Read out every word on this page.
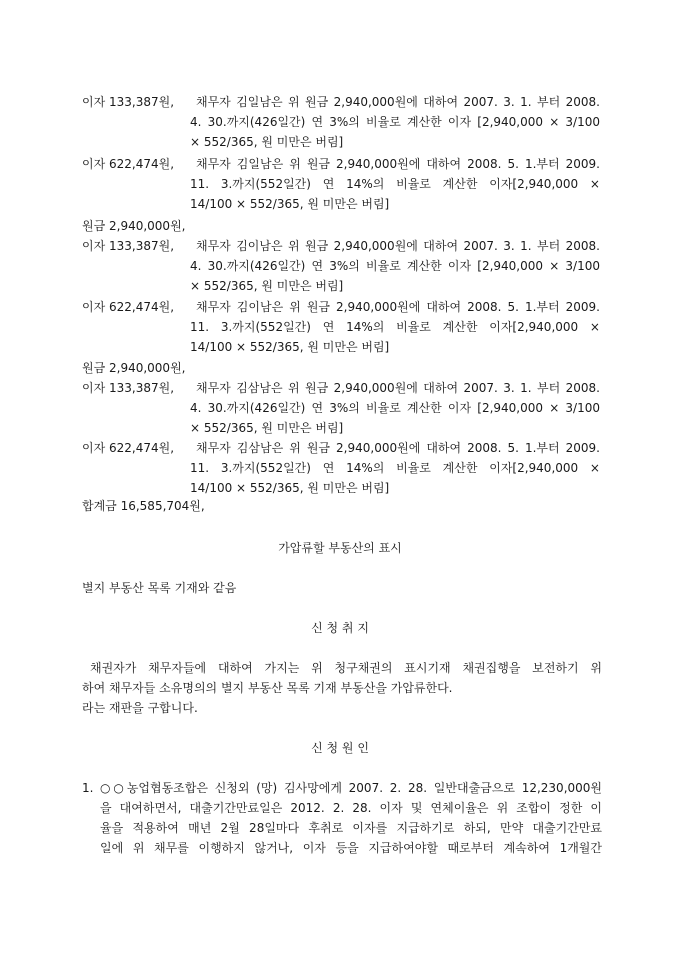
이자 133,387원, 채무자 김일남은 위 원금 2,940,000원에 대하여 2007. 3. 1. 부터 2008.
4. 30.까지(426일간) 연 3%의 비율로 계산한 이자 [2,940,000 × 3/100
× 552/365, 원 미만은 버림]
이자 622,474원, 채무자 김일남은 위 원금 2,940,000원에 대하여 2008. 5. 1.부터 2009.
11. 3.까지(552일간) 연 14%의 비율로 계산한 이자[2,940,000 ×
14/100 × 552/365, 원 미만은 버림]
원금 2,940,000원,
이자 133,387원, 채무자 김이남은 위 원금 2,940,000원에 대하여 2007. 3. 1. 부터 2008.
4. 30.까지(426일간) 연 3%의 비율로 계산한 이자 [2,940,000 × 3/100
× 552/365, 원 미만은 버림]
이자 622,474원, 채무자 김이남은 위 원금 2,940,000원에 대하여 2008. 5. 1.부터 2009.
11. 3.까지(552일간) 연 14%의 비율로 계산한 이자[2,940,000 ×
14/100 × 552/365, 원 미만은 버림]
원금 2,940,000원,
이자 133,387원, 채무자 김삼남은 위 원금 2,940,000원에 대하여 2007. 3. 1. 부터 2008.
4. 30.까지(426일간) 연 3%의 비율로 계산한 이자 [2,940,000 × 3/100
× 552/365, 원 미만은 버림]
이자 622,474원, 채무자 김삼남은 위 원금 2,940,000원에 대하여 2008. 5. 1.부터 2009.
11. 3.까지(552일간) 연 14%의 비율로 계산한 이자[2,940,000 ×
14/100 × 552/365, 원 미만은 버림]
합계금 16,585,704원,
가압류할 부동산의 표시
별지 부동산 목록 기재와 같음
신 청 취 지
채권자가 채무자들에 대하여 가지는 위 청구채권의 표시기재 채권집행을 보전하기 위
하여 채무자들 소유명의의 별지 부동산 목록 기재 부동산을 가압류한다.
라는 재판을 구합니다.
신 청 원 인
1. ○○농업협동조합은 신청외 (망) 김사망에게 2007. 2. 28. 일반대출금으로 12,230,000원
을 대여하면서, 대출기간만료일은 2012. 2. 28. 이자 및 연체이율은 위 조합이 정한 이
율을 적용하여 매년 2월 28일마다 후취로 이자를 지급하기로 하되, 만약 대출기간만료
일에 위 채무를 이행하지 않거나, 이자 등을 지급하여야할 때로부터 계속하여 1개월간
